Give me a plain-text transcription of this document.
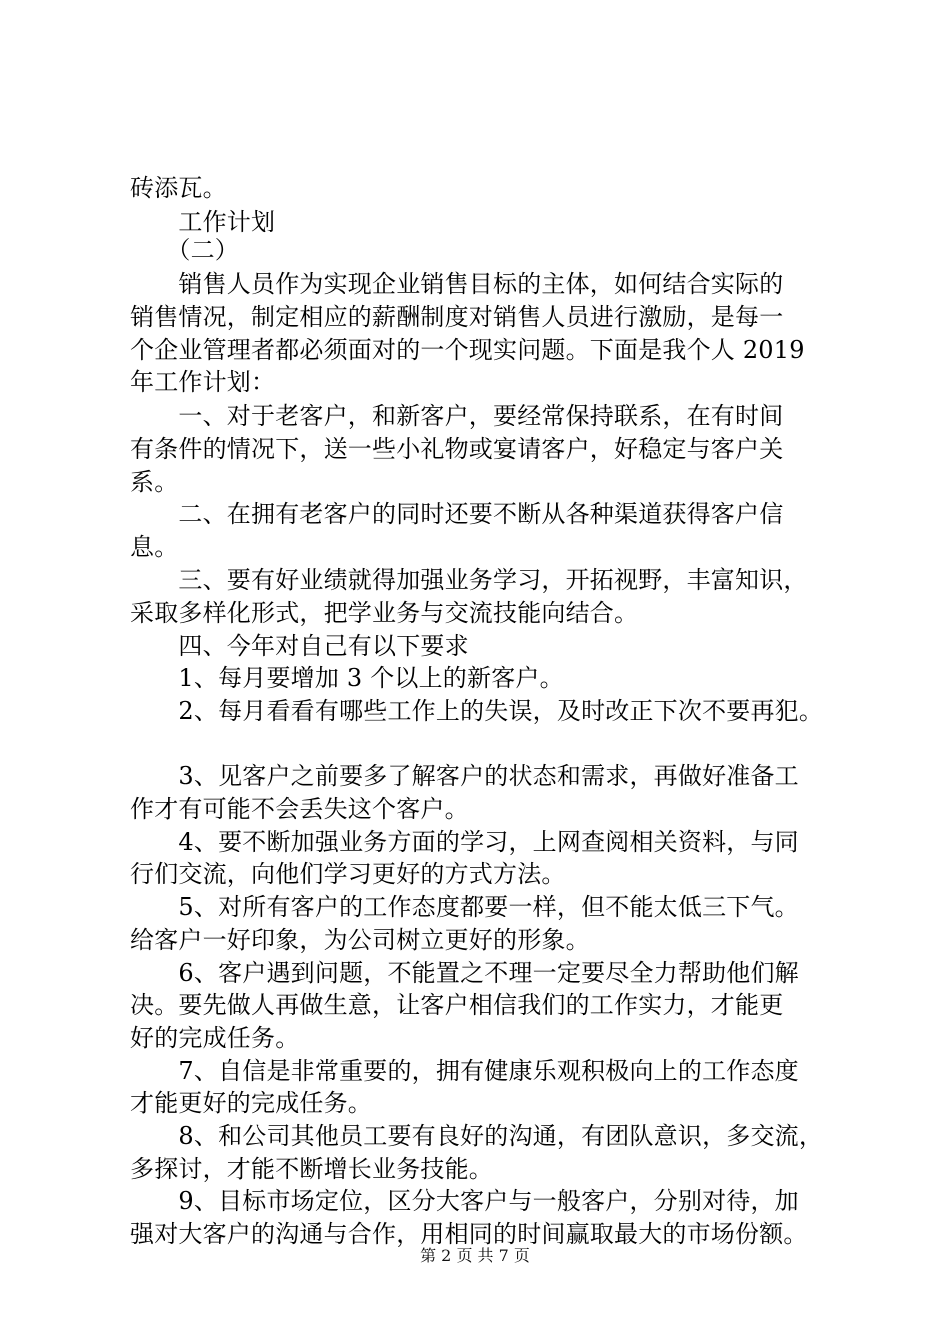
砖添瓦。
　　工作计划
　　（二）
　　销售人员作为实现企业销售目标的主体，如何结合实际的
销售情况，制定相应的薪酬制度对销售人员进行激励，是每一
个企业管理者都必须面对的一个现实问题。下面是我个人 2019
年工作计划：
　　一、对于老客户，和新客户，要经常保持联系，在有时间
有条件的情况下，送一些小礼物或宴请客户，好稳定与客户关
系。
　　二、在拥有老客户的同时还要不断从各种渠道获得客户信
息。
　　三、要有好业绩就得加强业务学习，开拓视野，丰富知识，
采取多样化形式，把学业务与交流技能向结合。
　　四、今年对自己有以下要求
　　1、每月要增加 3 个以上的新客户。
　　2、每月看看有哪些工作上的失误，及时改正下次不要再犯。
　　3、见客户之前要多了解客户的状态和需求，再做好准备工
作才有可能不会丢失这个客户。
　　4、要不断加强业务方面的学习，上网查阅相关资料，与同
行们交流，向他们学习更好的方式方法。
　　5、对所有客户的工作态度都要一样，但不能太低三下气。
给客户一好印象，为公司树立更好的形象。
　　6、客户遇到问题，不能置之不理一定要尽全力帮助他们解
决。要先做人再做生意，让客户相信我们的工作实力，才能更
好的完成任务。
　　7、自信是非常重要的，拥有健康乐观积极向上的工作态度
才能更好的完成任务。
　　8、和公司其他员工要有良好的沟通，有团队意识，多交流，
多探讨，才能不断增长业务技能。
　　9、目标市场定位，区分大客户与一般客户，分别对待，加
强对大客户的沟通与合作，用相同的时间赢取最大的市场份额。
第 2 页 共 7 页
